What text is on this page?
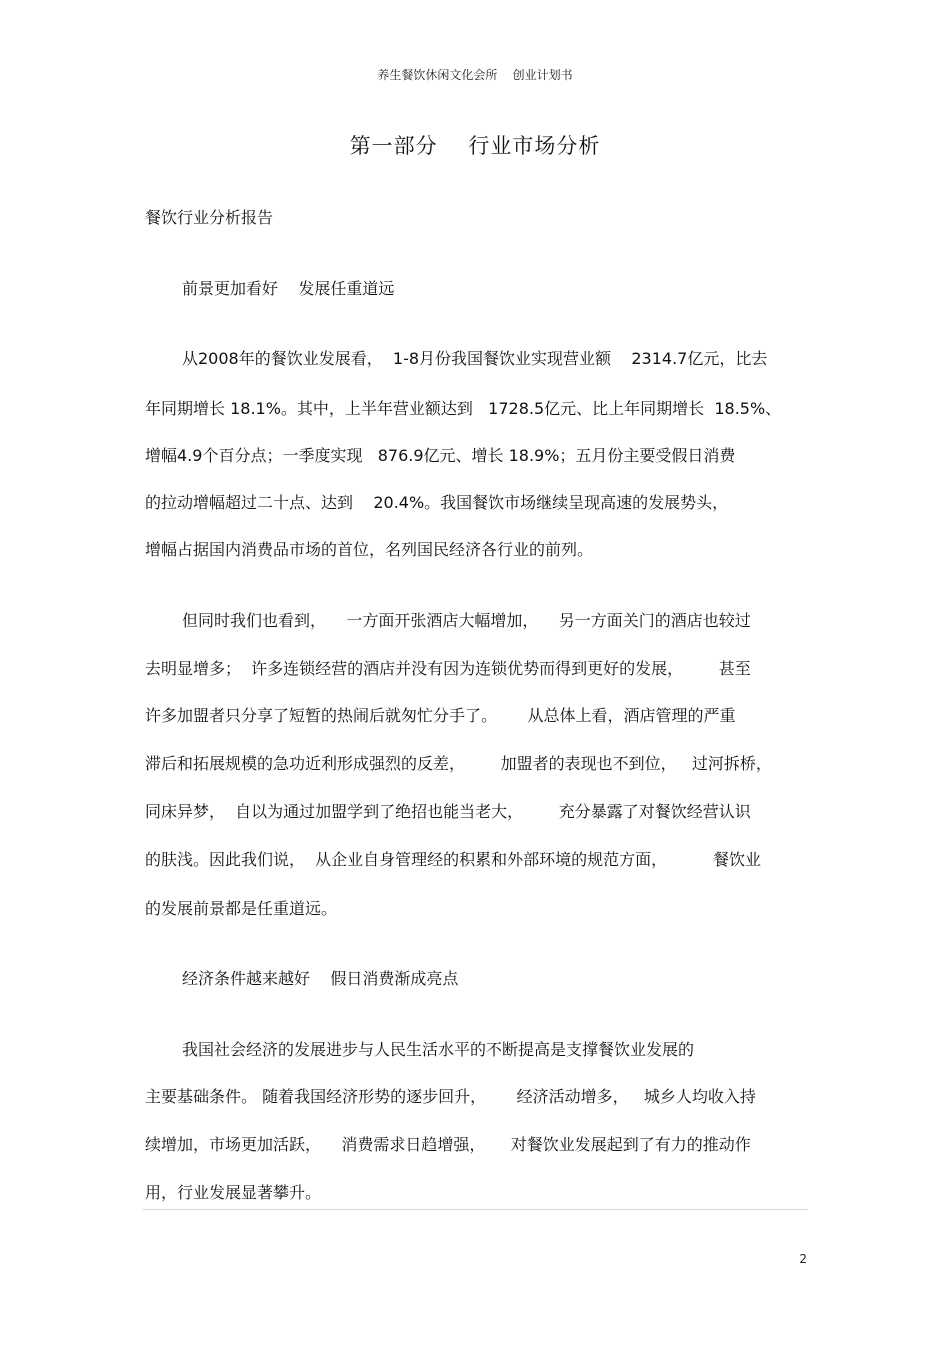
养生餐饮休闲文化会所    创业计划书
第一部分    行业市场分析
餐饮行业分析报告
前景更加看好    发展任重道远
从2008年的餐饮业发展看，  1-8月份我国餐饮业实现营业额    2314.7亿元，比去
年同期增长 18.1%。其中，上半年营业额达到   1728.5亿元、比上年同期增长  18.5%、
增幅4.9个百分点；一季度实现   876.9亿元、增长 18.9%；五月份主要受假日消费
的拉动增幅超过二十点、达到    20.4%。我国餐饮市场继续呈现高速的发展势头，
增幅占据国内消费品市场的首位，名列国民经济各行业的前列。
但同时我们也看到，    一方面开张酒店大幅增加，    另一方面关门的酒店也较过
去明显增多；  许多连锁经营的酒店并没有因为连锁优势而得到更好的发展，       甚至
许多加盟者只分享了短暂的热闹后就匆忙分手了。      从总体上看，酒店管理的严重
滞后和拓展规模的急功近利形成强烈的反差，       加盟者的表现也不到位，   过河拆桥，
同床异梦，  自以为通过加盟学到了绝招也能当老大，       充分暴露了对餐饮经营认识
的肤浅。因此我们说，  从企业自身管理经的积累和外部环境的规范方面，         餐饮业
的发展前景都是任重道远。
经济条件越来越好    假日消费渐成亮点
我国社会经济的发展进步与人民生活水平的不断提高是支撑餐饮业发展的
主要基础条件。 随着我国经济形势的逐步回升，      经济活动增多，   城乡人均收入持
续增加，市场更加活跃，    消费需求日趋增强，     对餐饮业发展起到了有力的推动作
用，行业发展显著攀升。
2
